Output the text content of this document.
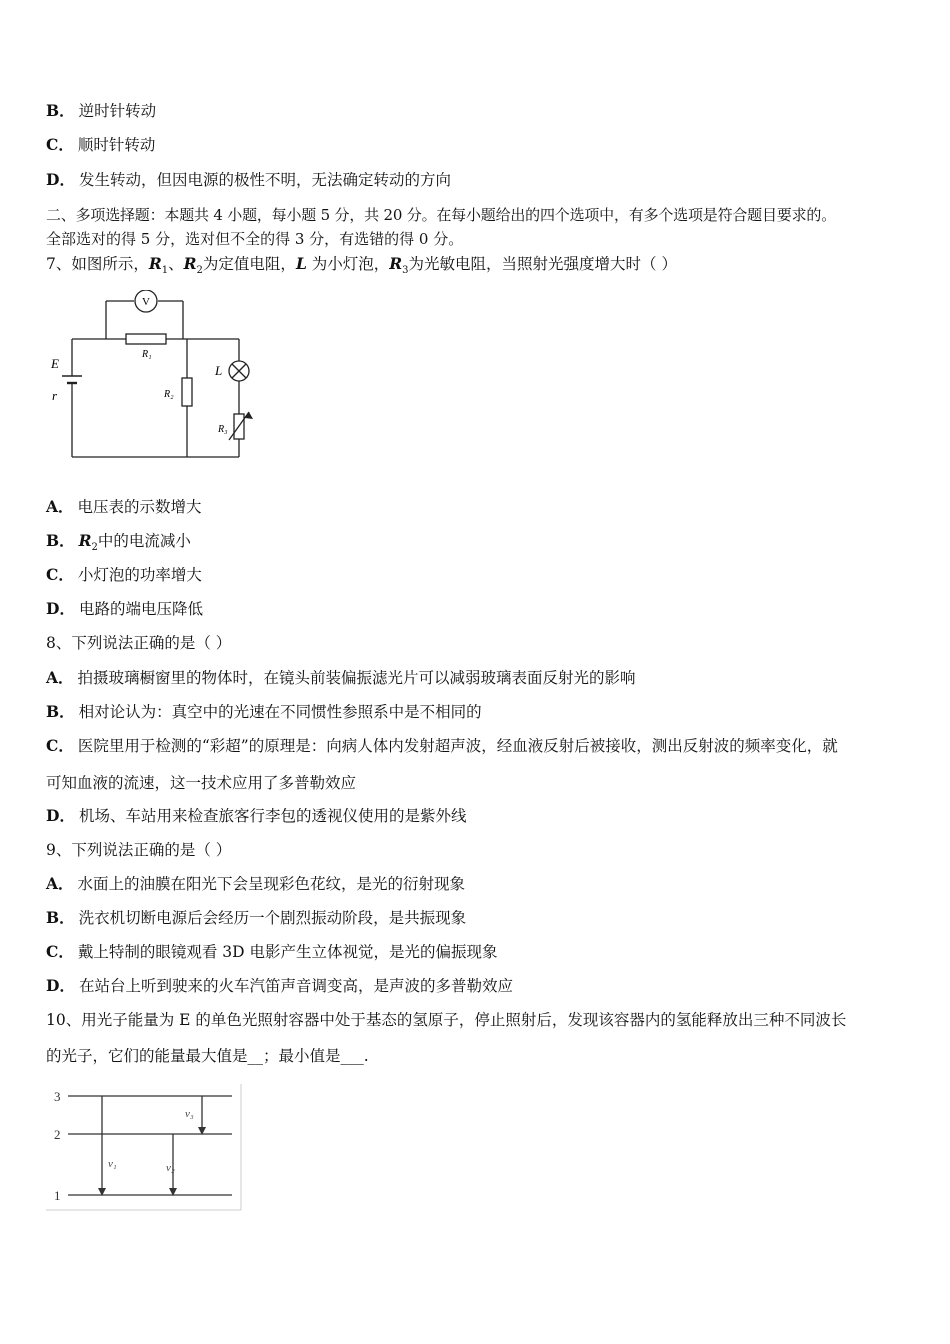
B． 逆时针转动
C． 顺时针转动
D． 发生转动，但因电源的极性不明，无法确定转动的方向
二、多项选择题：本题共 4 小题，每小题 5 分，共 20 分。在每小题给出的四个选项中，有多个选项是符合题目要求的。
全部选对的得 5 分，选对但不全的得 3 分，有选错的得 0 分。
7、如图所示，$R_1$、$R_2$为定值电阻，L 为小灯泡，$R_3$为光敏电阻，当照射光强度增大时（ ）
V
E
r
R₁
R₂
L
R₃
A． 电压表的示数增大
B． $R_2$中的电流减小
C． 小灯泡的功率增大
D． 电路的端电压降低
8、下列说法正确的是（ ）
A． 拍摄玻璃橱窗里的物体时，在镜头前装偏振滤光片可以减弱玻璃表面反射光的影响
B． 相对论认为：真空中的光速在不同惯性参照系中是不相同的
C． 医院里用于检测的“彩超”的原理是：向病人体内发射超声波，经血液反射后被接收，测出反射波的频率变化，就
可知血液的流速，这一技术应用了多普勒效应
D． 机场、车站用来检查旅客行李包的透视仪使用的是紫外线
9、下列说法正确的是（ ）
A． 水面上的油膜在阳光下会呈现彩色花纹，是光的衍射现象
B． 洗衣机切断电源后会经历一个剧烈振动阶段，是共振现象
C． 戴上特制的眼镜观看 3D 电影产生立体视觉，是光的偏振现象
D． 在站台上听到驶来的火车汽笛声音调变高，是声波的多普勒效应
10、用光子能量为 E 的单色光照射容器中处于基态的氢原子，停止照射后，发现该容器内的氢能释放出三种不同波长
的光子，它们的能量最大值是__；最小值是___.
3
2
1
ν₁	ν₂
ν₃
